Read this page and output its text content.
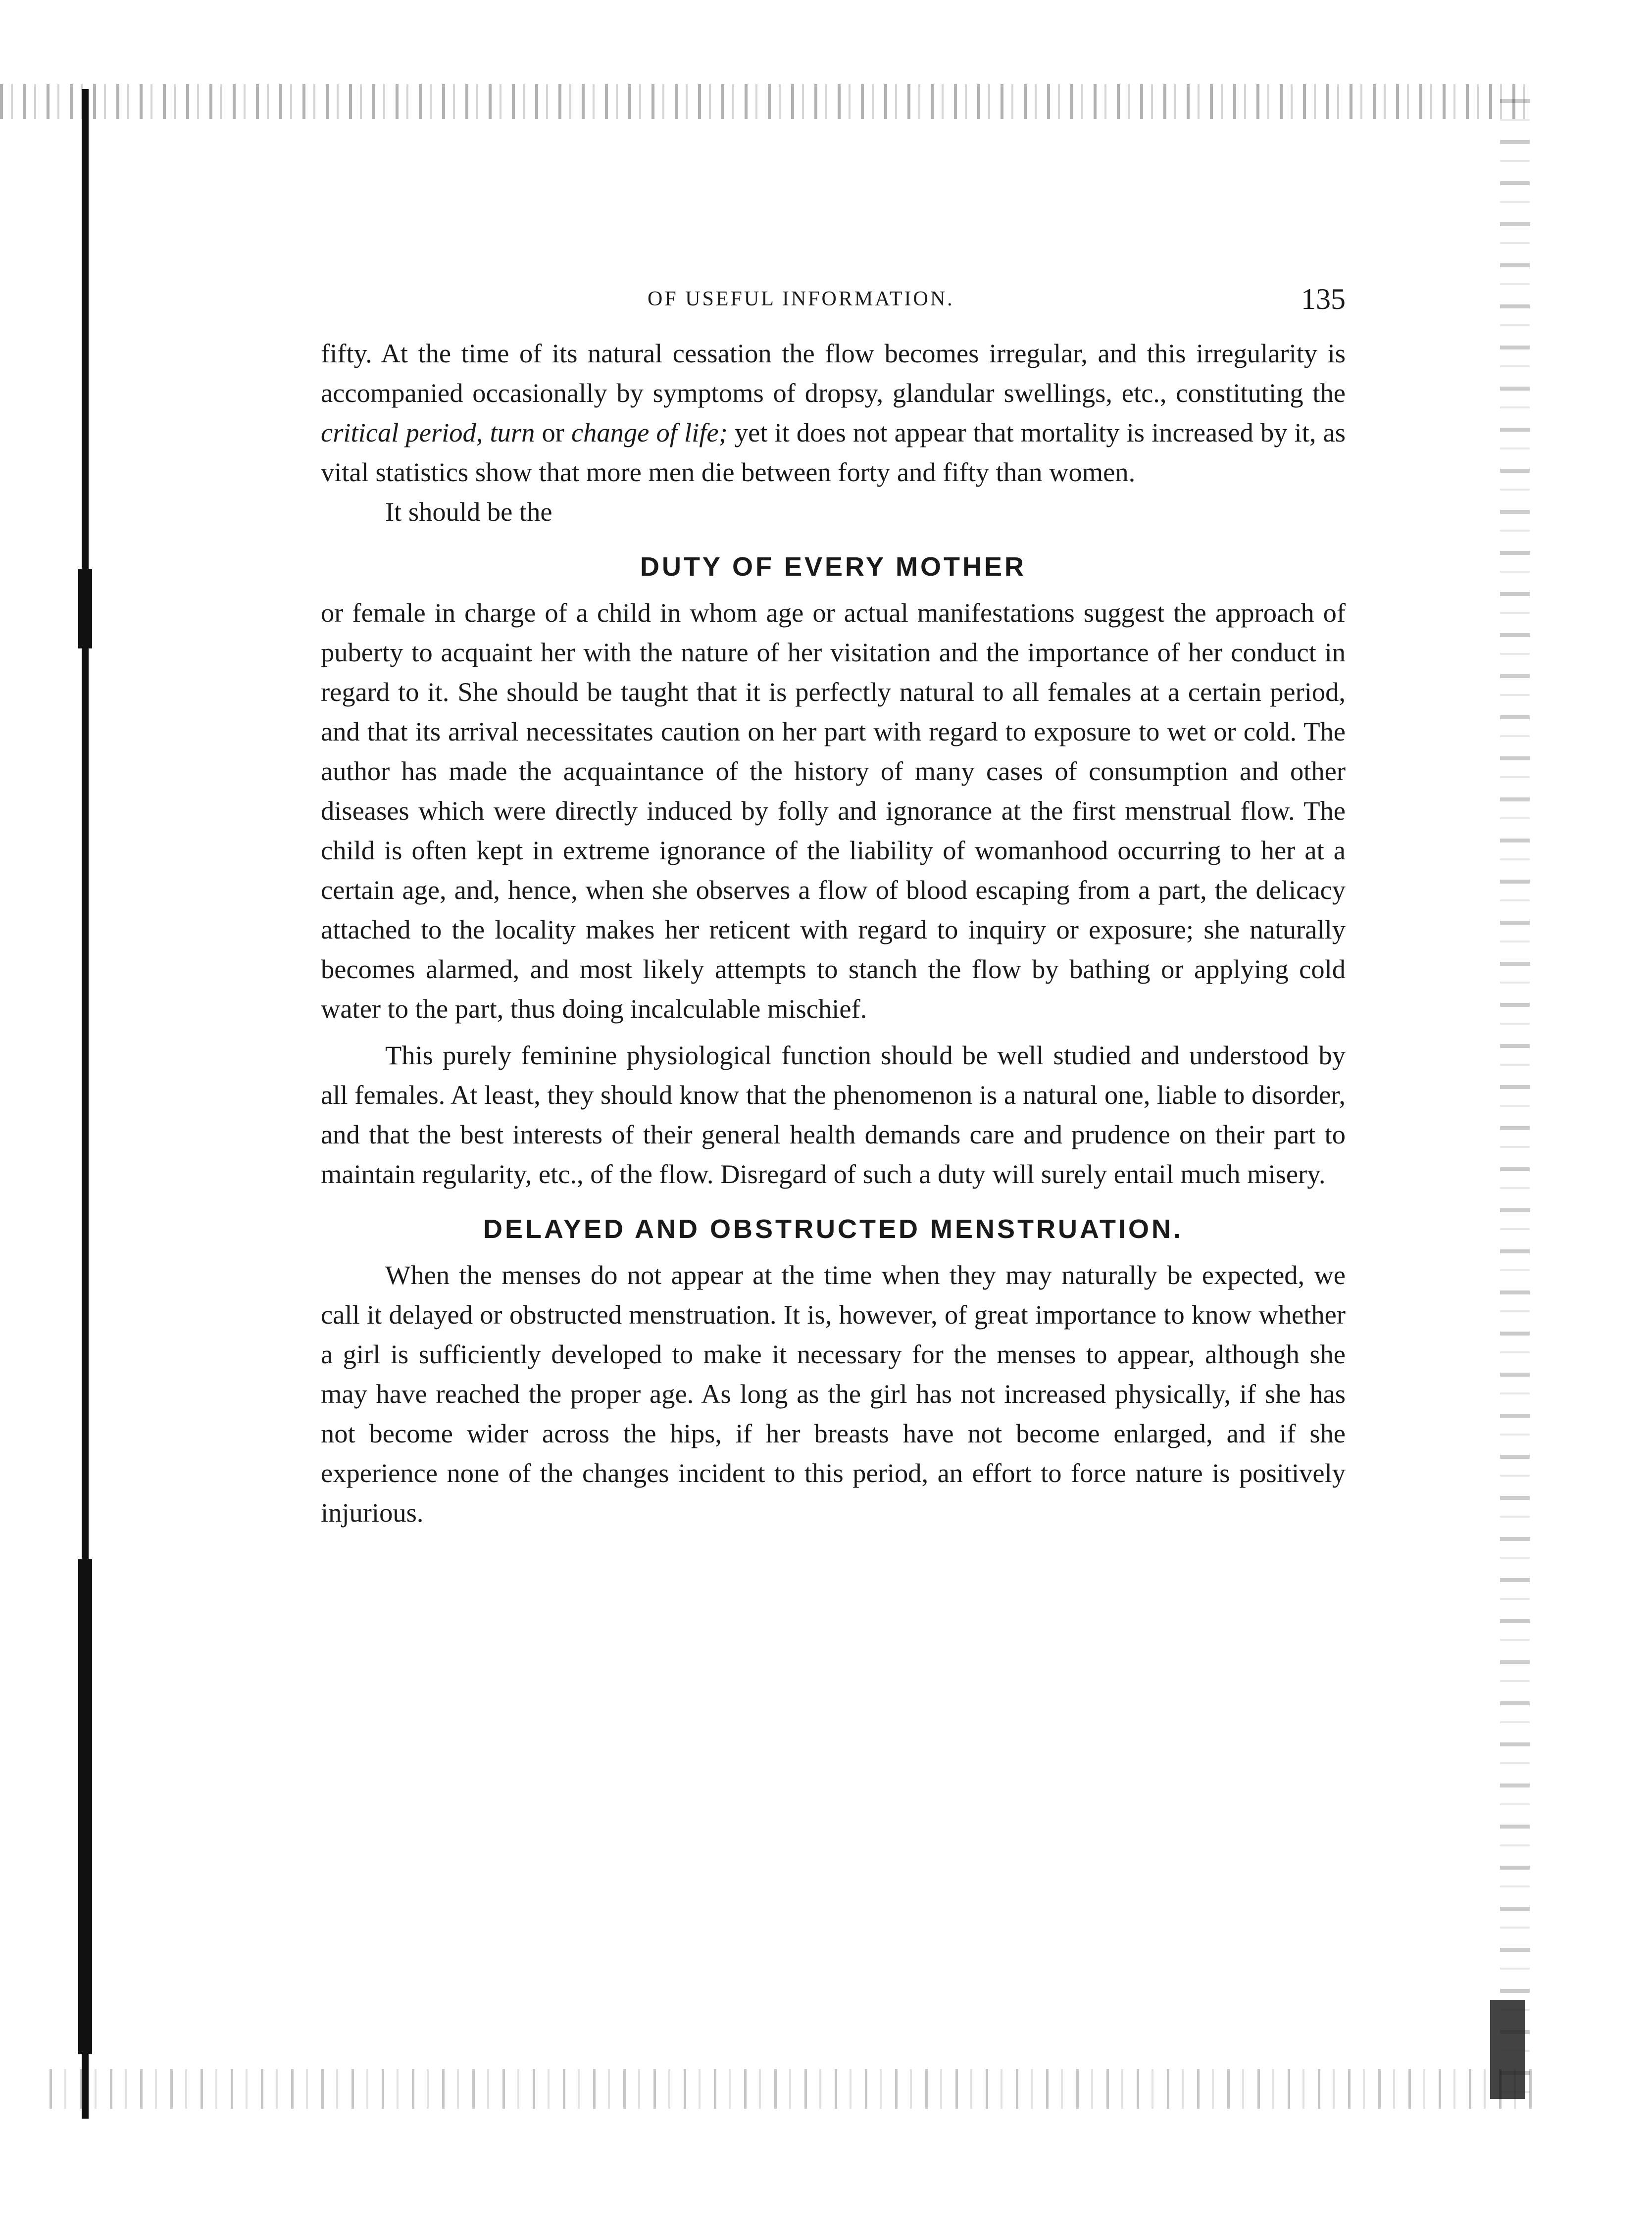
OF USEFUL INFORMATION.	135

fifty. At the time of its natural cessation the flow becomes irregular, and this irregularity is accompanied occasionally by symptoms of dropsy, glandular swellings, etc., constituting the critical period, turn or change of life; yet it does not appear that mortality is increased by it, as vital statistics show that more men die between forty and fifty than women.

It should be the

DUTY OF EVERY MOTHER

or female in charge of a child in whom age or actual manifestations suggest the approach of puberty to acquaint her with the nature of her visitation and the importance of her conduct in regard to it. She should be taught that it is perfectly natural to all females at a certain period, and that its arrival necessitates caution on her part with regard to exposure to wet or cold. The author has made the acquaintance of the history of many cases of consumption and other diseases which were directly induced by folly and ignorance at the first menstrual flow. The child is often kept in extreme ignorance of the liability of womanhood occurring to her at a certain age, and, hence, when she observes a flow of blood escaping from a part, the delicacy attached to the locality makes her reticent with regard to inquiry or exposure; she naturally becomes alarmed, and most likely attempts to stanch the flow by bathing or applying cold water to the part, thus doing incalculable mischief.

This purely feminine physiological function should be well studied and understood by all females. At least, they should know that the phenomenon is a natural one, liable to disorder, and that the best interests of their general health demands care and prudence on their part to maintain regularity, etc., of the flow. Disregard of such a duty will surely entail much misery.

DELAYED AND OBSTRUCTED MENSTRUATION.

When the menses do not appear at the time when they may naturally be expected, we call it delayed or obstructed menstruation. It is, however, of great importance to know whether a girl is sufficiently developed to make it necessary for the menses to appear, although she may have reached the proper age. As long as the girl has not increased physically, if she has not become wider across the hips, if her breasts have not become enlarged, and if she experience none of the changes incident to this period, an effort to force nature is positively injurious.
